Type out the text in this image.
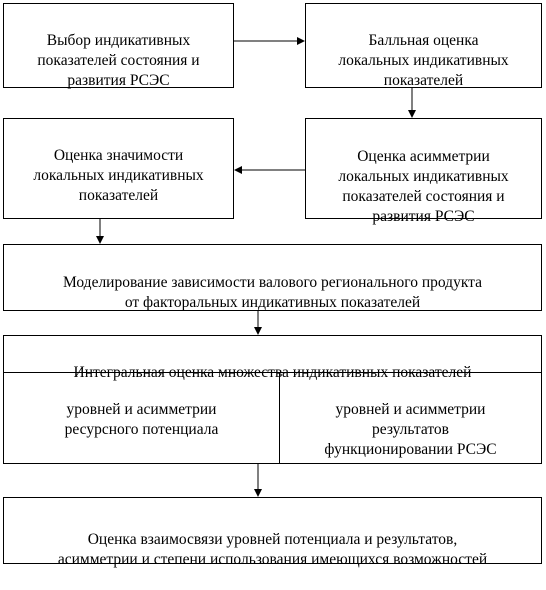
Выбор индикативных
показателей состояния и
развития РСЭС

Балльная оценка
локальных индикативных
показателей

Оценка значимости
локальных индикативных
показателей

Оценка асимметрии
локальных индикативных
показателей состояния и
развития РСЭС

Моделирование зависимости валового регионального продукта
от факторальных индикативных показателей

Интегральная оценка множества индикативных показателей

уровней и асимметрии
ресурсного потенциала

уровней и асимметрии
результатов
функционировании РСЭС

Оценка взаимосвязи уровней потенциала и результатов,
асимметрии и степени использования имеющихся возможностей
